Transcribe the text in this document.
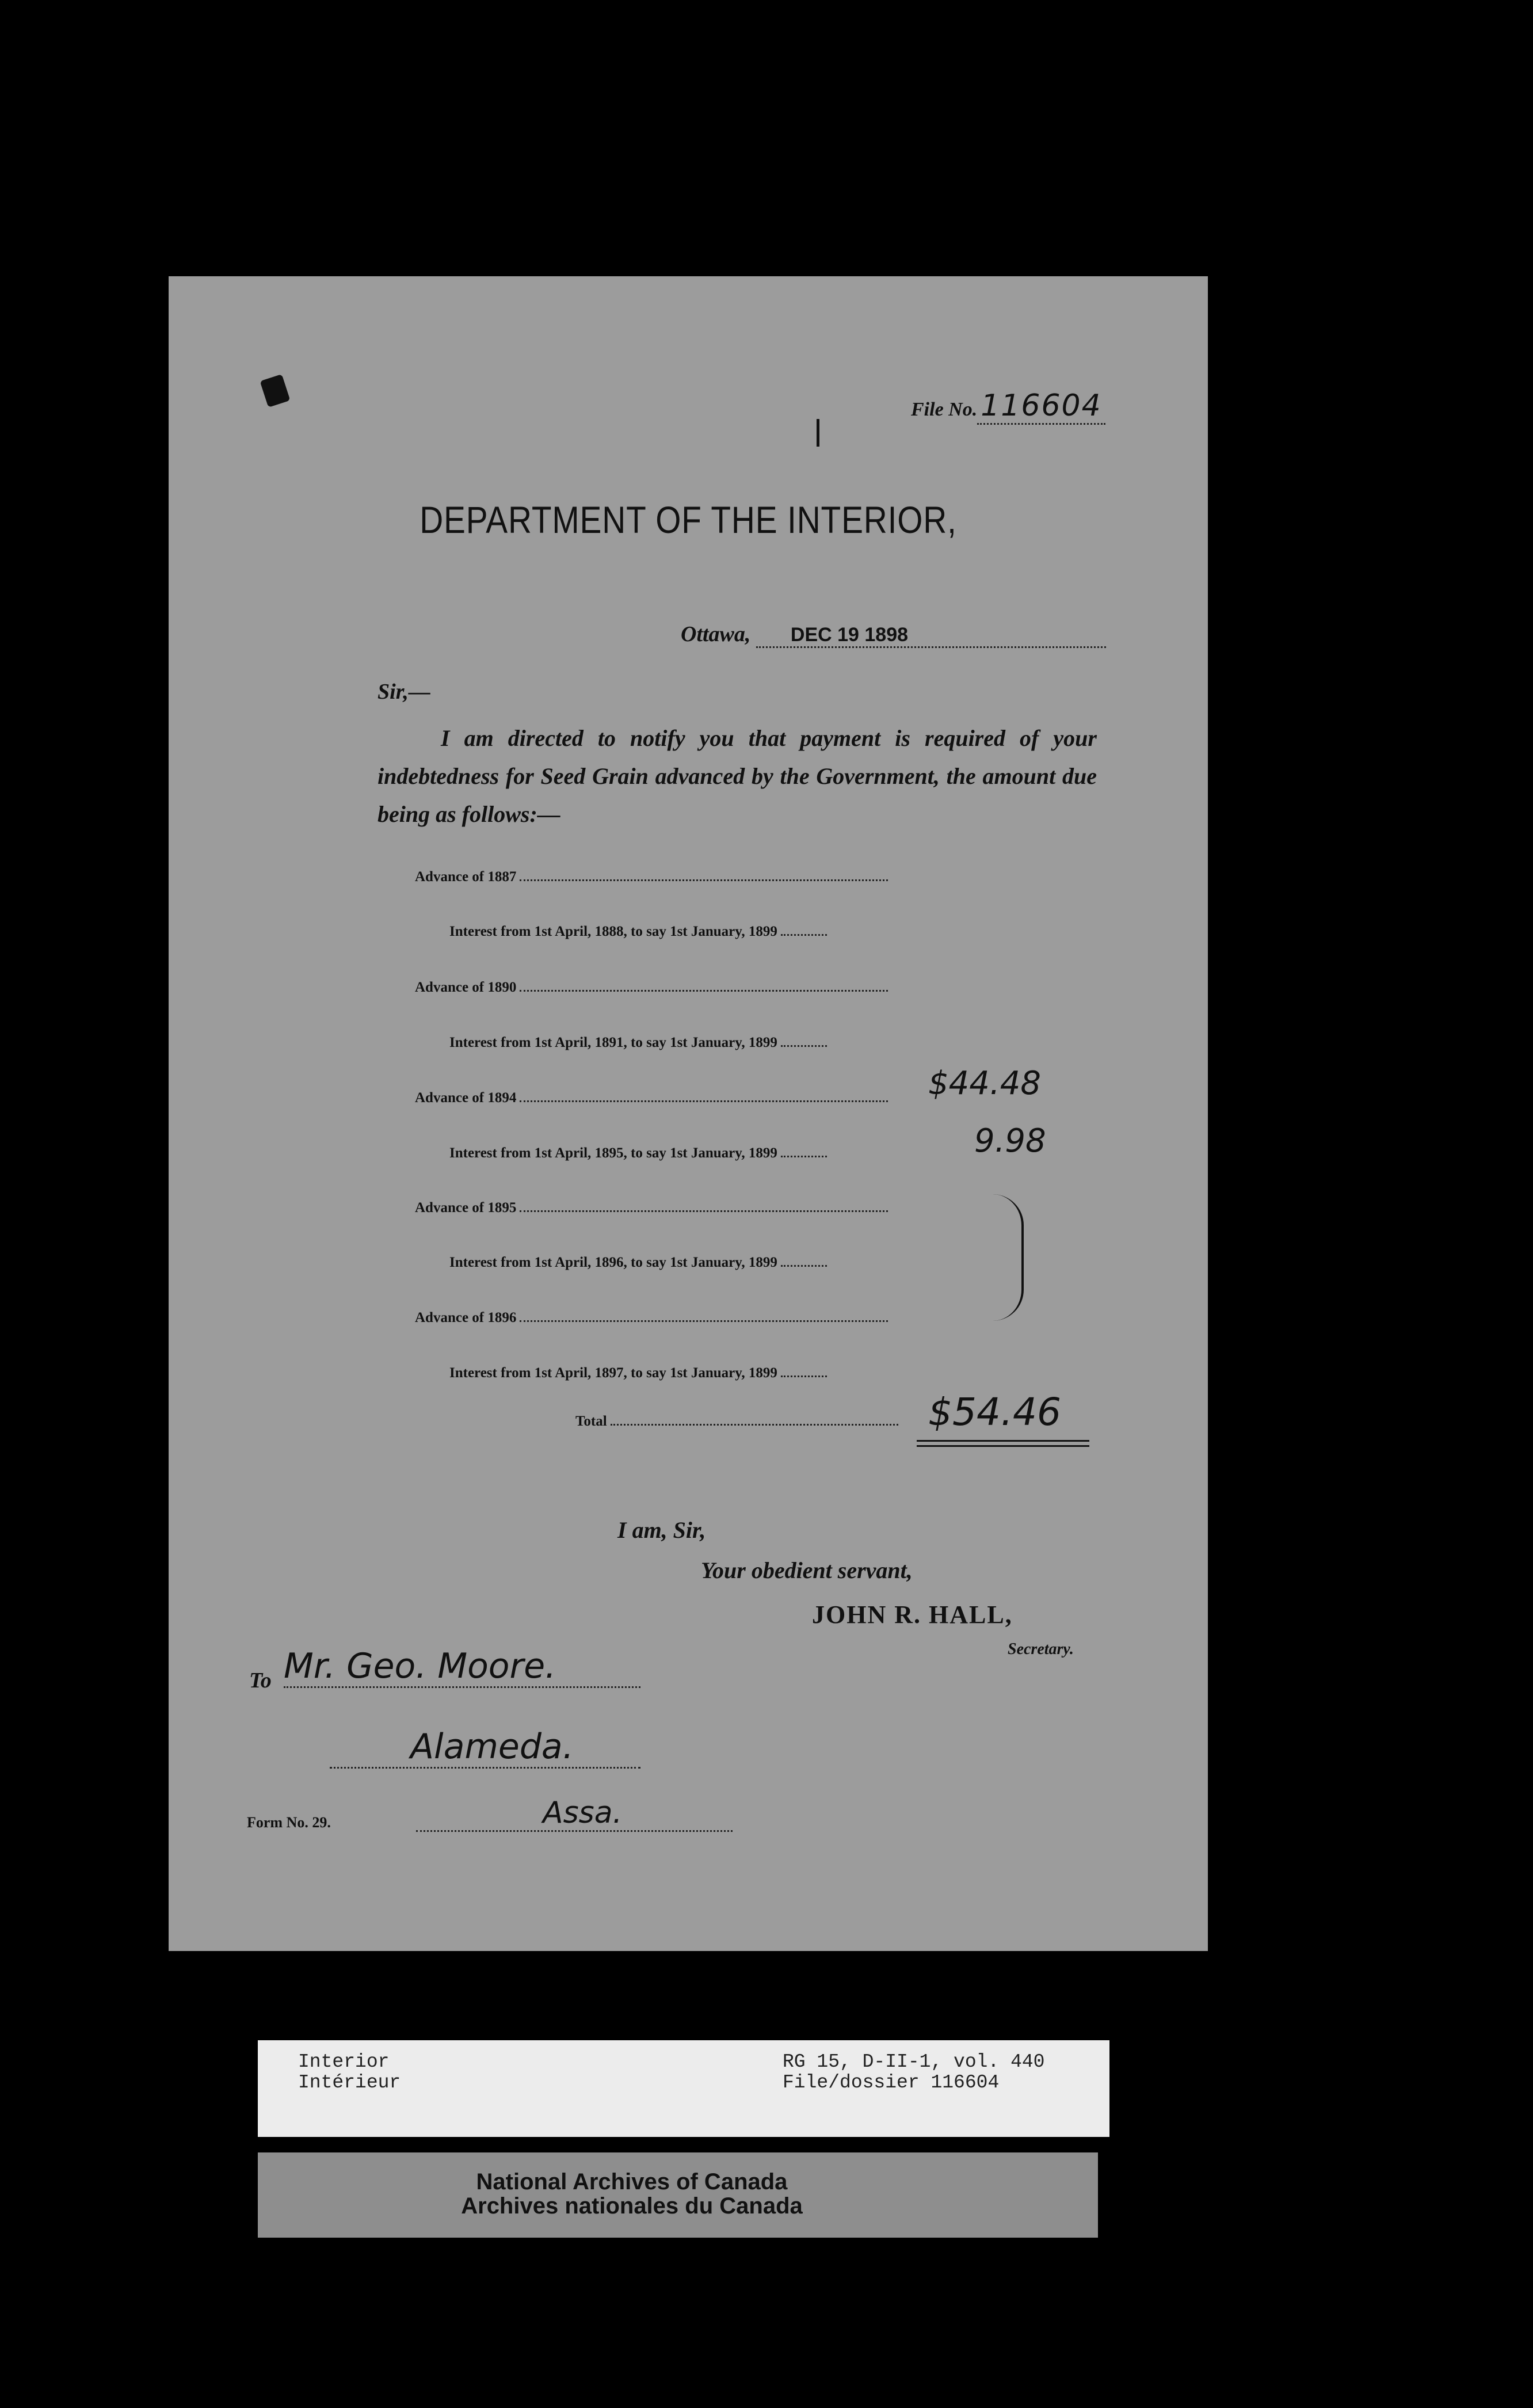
File No. 116604
DEPARTMENT OF THE INTERIOR,
Ottawa, DEC 19 1898
Sir,—
I am directed to notify you that payment is required of your indebtedness for Seed Grain advanced by the Government, the amount due being as follows:—
Advance of 1887
Interest from 1st April, 1888, to say 1st January, 1899
Advance of 1890
Interest from 1st April, 1891, to say 1st January, 1899
Advance of 1894
Interest from 1st April, 1895, to say 1st January, 1899
Advance of 1895
Interest from 1st April, 1896, to say 1st January, 1899
Advance of 1896
Interest from 1st April, 1897, to say 1st January, 1899
$44.48
9.98
Total	$54.46
I am, Sir,
Your obedient servant,
JOHN R. HALL,
Secretary.
To Mr. Geo. Moore.
Alameda.
Assa.
Form No. 29.
Interior
Intérieur
RG 15, D-II-1, vol. 440
File/dossier 116604
National Archives of Canada
Archives nationales du Canada
